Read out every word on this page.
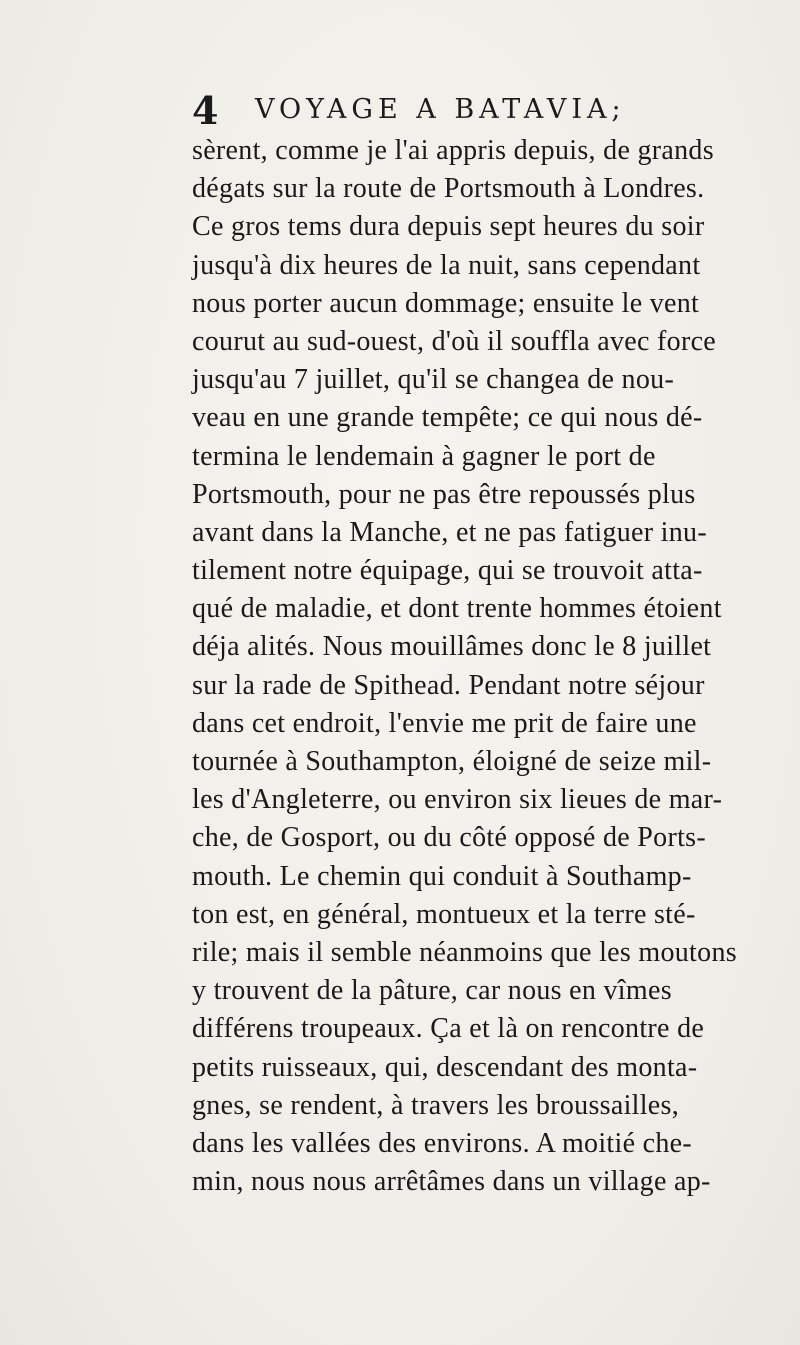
4 VOYAGE A BATAVIA;
sèrent, comme je l'ai appris depuis, de grands
dégats sur la route de Portsmouth à Londres.
Ce gros tems dura depuis sept heures du soir
jusqu'à dix heures de la nuit, sans cependant
nous porter aucun dommage; ensuite le vent
courut au sud-ouest, d'où il souffla avec force
jusqu'au 7 juillet, qu'il se changea de nou-
veau en une grande tempête; ce qui nous dé-
termina le lendemain à gagner le port de
Portsmouth, pour ne pas être repoussés plus
avant dans la Manche, et ne pas fatiguer inu-
tilement notre équipage, qui se trouvoit atta-
qué de maladie, et dont trente hommes étoient
déja alités. Nous mouillâmes donc le 8 juillet
sur la rade de Spithead. Pendant notre séjour
dans cet endroit, l'envie me prit de faire une
tournée à Southampton, éloigné de seize mil-
les d'Angleterre, ou environ six lieues de mar-
che, de Gosport, ou du côté opposé de Ports-
mouth. Le chemin qui conduit à Southamp-
ton est, en général, montueux et la terre sté-
rile; mais il semble néanmoins que les moutons
y trouvent de la pâture, car nous en vîmes
différens troupeaux. Ça et là on rencontre de
petits ruisseaux, qui, descendant des monta-
gnes, se rendent, à travers les broussailles,
dans les vallées des environs. A moitié che-
min, nous nous arrêtâmes dans un village ap-
